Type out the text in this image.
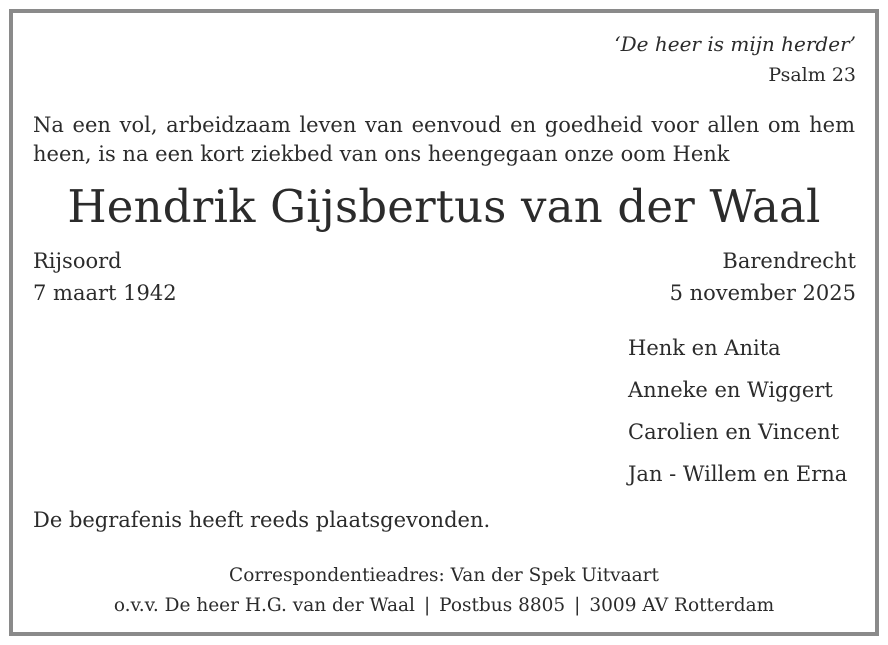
‘De heer is mijn herder’
Psalm 23
Na een vol, arbeidzaam leven van eenvoud en goedheid voor allen om hem
heen, is na een kort ziekbed van ons heengegaan onze oom Henk
Hendrik Gijsbertus van der Waal
Rijsoord
7 maart 1942
Barendrecht
5 november 2025
Henk en Anita
Anneke en Wiggert
Carolien en Vincent
Jan - Willem en Erna
De begrafenis heeft reeds plaatsgevonden.
Correspondentieadres: Van der Spek Uitvaart
o.v.v. De heer H.G. van der Waal | Postbus 8805 | 3009 AV Rotterdam
